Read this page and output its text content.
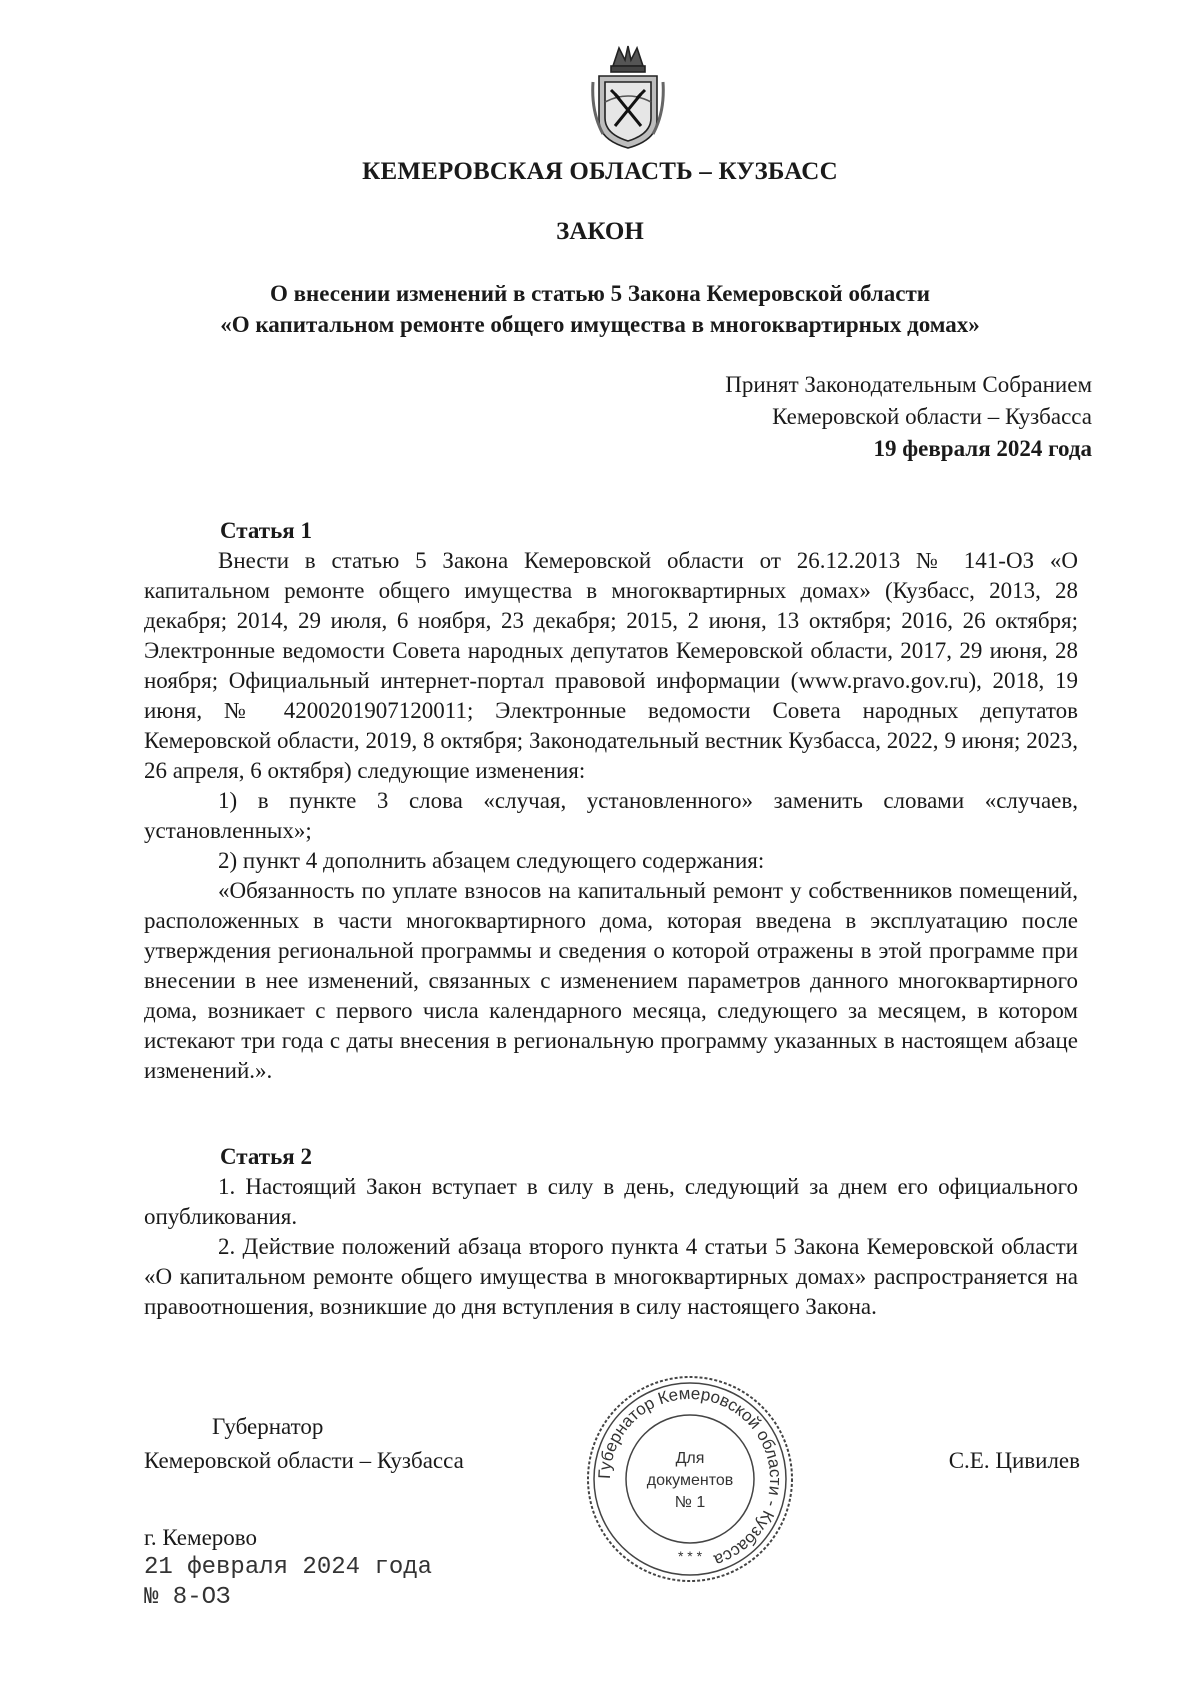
КЕМЕРОВСКАЯ ОБЛАСТЬ – КУЗБАСС
ЗАКОН
О внесении изменений в статью 5 Закона Кемеровской области
«О капитальном ремонте общего имущества в многоквартирных домах»
Принят Законодательным Собранием
Кемеровской области – Кузбасса
19 февраля 2024 года
Статья 1

Внести в статью 5 Закона Кемеровской области от 26.12.2013 № 141-ОЗ «О капитальном ремонте общего имущества в многоквартирных домах» (Кузбасс, 2013, 28 декабря; 2014, 29 июля, 6 ноября, 23 декабря; 2015, 2 июня, 13 октября; 2016, 26 октября; Электронные ведомости Совета народных депутатов Кемеровской области, 2017, 29 июня, 28 ноября; Официальный интернет-портал правовой информации (www.pravo.gov.ru), 2018, 19 июня, № 4200201907120011; Электронные ведомости Совета народных депутатов Кемеровской области, 2019, 8 октября; Законодательный вестник Кузбасса, 2022, 9 июня; 2023, 26 апреля, 6 октября) следующие изменения:

1) в пункте 3 слова «случая, установленного» заменить словами «случаев, установленных»;

2) пункт 4 дополнить абзацем следующего содержания:

«Обязанность по уплате взносов на капитальный ремонт у собственников помещений, расположенных в части многоквартирного дома, которая введена в эксплуатацию после утверждения региональной программы и сведения о которой отражены в этой программе при внесении в нее изменений, связанных с изменением параметров данного многоквартирного дома, возникает с первого числа календарного месяца, следующего за месяцем, в котором истекают три года с даты внесения в региональную программу указанных в настоящем абзаце изменений.».

Статья 2

1. Настоящий Закон вступает в силу в день, следующий за днем его официального опубликования.

2. Действие положений абзаца второго пункта 4 статьи 5 Закона Кемеровской области «О капитальном ремонте общего имущества в многоквартирных домах» распространяется на правоотношения, возникшие до дня вступления в силу настоящего Закона.

Губернатор
Кемеровской области – Кузбасса	С.Е. Цивилев
Губернатор Кемеровской области - Кузбасса
Для
документов
№ 1
* * *
г. Кемерово
21 февраля 2024 года
№ 8-ОЗ
